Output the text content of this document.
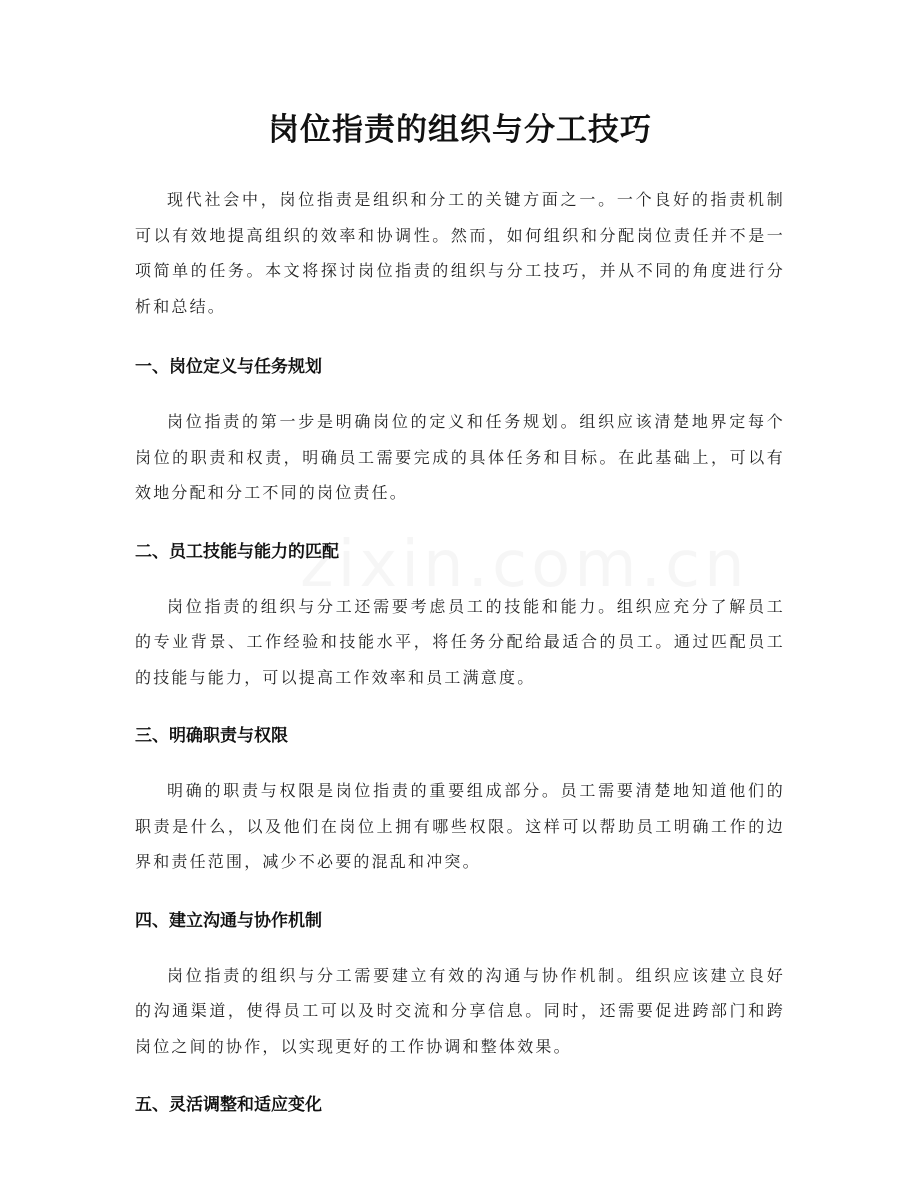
岗位指责的组织与分工技巧

现代社会中，岗位指责是组织和分工的关键方面之一。一个良好的指责机制可以有效地提高组织的效率和协调性。然而，如何组织和分配岗位责任并不是一项简单的任务。本文将探讨岗位指责的组织与分工技巧，并从不同的角度进行分析和总结。

一、岗位定义与任务规划

岗位指责的第一步是明确岗位的定义和任务规划。组织应该清楚地界定每个岗位的职责和权责，明确员工需要完成的具体任务和目标。在此基础上，可以有效地分配和分工不同的岗位责任。

二、员工技能与能力的匹配

岗位指责的组织与分工还需要考虑员工的技能和能力。组织应充分了解员工的专业背景、工作经验和技能水平，将任务分配给最适合的员工。通过匹配员工的技能与能力，可以提高工作效率和员工满意度。

三、明确职责与权限

明确的职责与权限是岗位指责的重要组成部分。员工需要清楚地知道他们的职责是什么，以及他们在岗位上拥有哪些权限。这样可以帮助员工明确工作的边界和责任范围，减少不必要的混乱和冲突。

四、建立沟通与协作机制

岗位指责的组织与分工需要建立有效的沟通与协作机制。组织应该建立良好的沟通渠道，使得员工可以及时交流和分享信息。同时，还需要促进跨部门和跨岗位之间的协作，以实现更好的工作协调和整体效果。

五、灵活调整和适应变化
